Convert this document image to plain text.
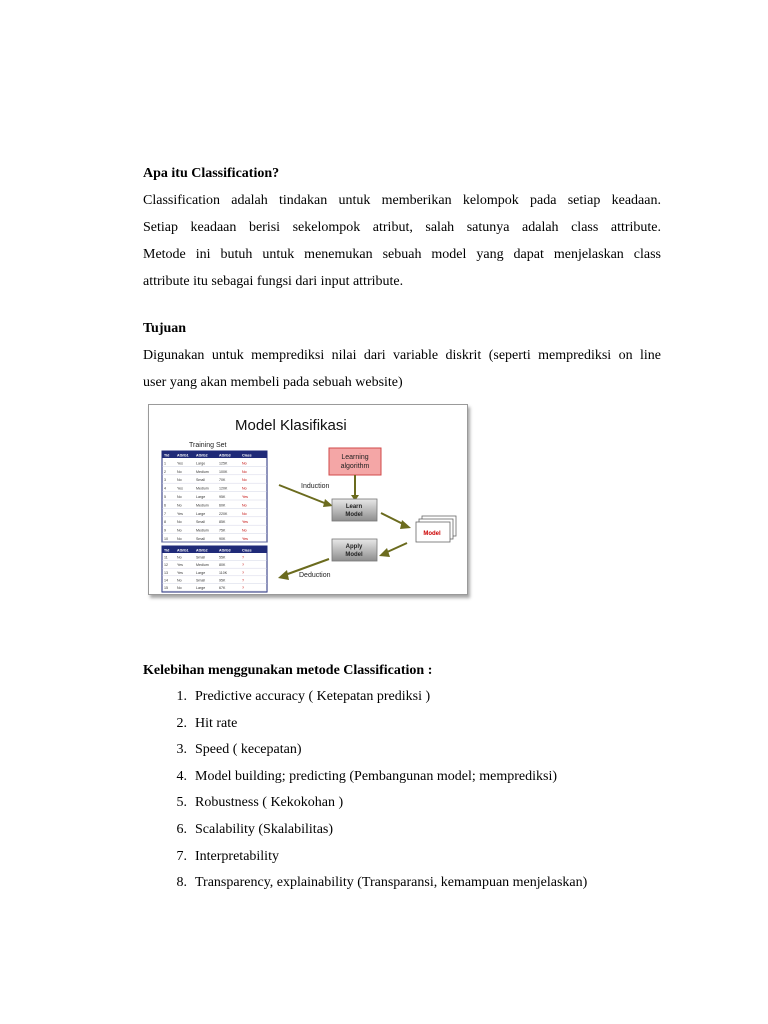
Apa itu Classification?

Classification adalah tindakan untuk memberikan kelompok pada setiap keadaan.

Setiap keadaan berisi sekelompok atribut, salah satunya adalah class attribute.

Metode ini butuh untuk menemukan sebuah model yang dapat menjelaskan class

attribute itu sebagai fungsi dari input attribute.

Tujuan

Digunakan untuk memprediksi nilai dari variable diskrit (seperti memprediksi on line

user yang akan membeli pada sebuah website)

Model Klasifikasi
Training Set
Tid Attrib1 Attrib2	Attrib3	Class
1	Yes	Large	125K	No
2	No	Medium	100K	No
3	No	Small	70K	No
4	Yes	Medium	120K	No
5	No	Large	95K	Yes
6	No	Medium	60K	No
7	Yes	Large	220K	No
8	No	Small	85K	Yes
9	No	Medium	75K	No
10	No	Small	90K	Yes
Tid Attrib1 Attrib2	Attrib3	Class
11	No	Small	55K	?
12	Yes	Medium	80K	?
13	Yes	Large	110K	?
14	No	Small	95K	?
15	No	Large	67K	?
Learning
algorithm
Induction
Learn
Model
Model
Apply
Model
Deduction

Kelebihan menggunakan metode Classification :

1. Predictive accuracy ( Ketepatan prediksi )
2. Hit rate
3. Speed ( kecepatan)
4. Model building; predicting (Pembangunan model; memprediksi)
5. Robustness ( Kekokohan )
6. Scalability (Skalabilitas)
7. Interpretability
8. Transparency, explainability (Transparansi, kemampuan menjelaskan)
